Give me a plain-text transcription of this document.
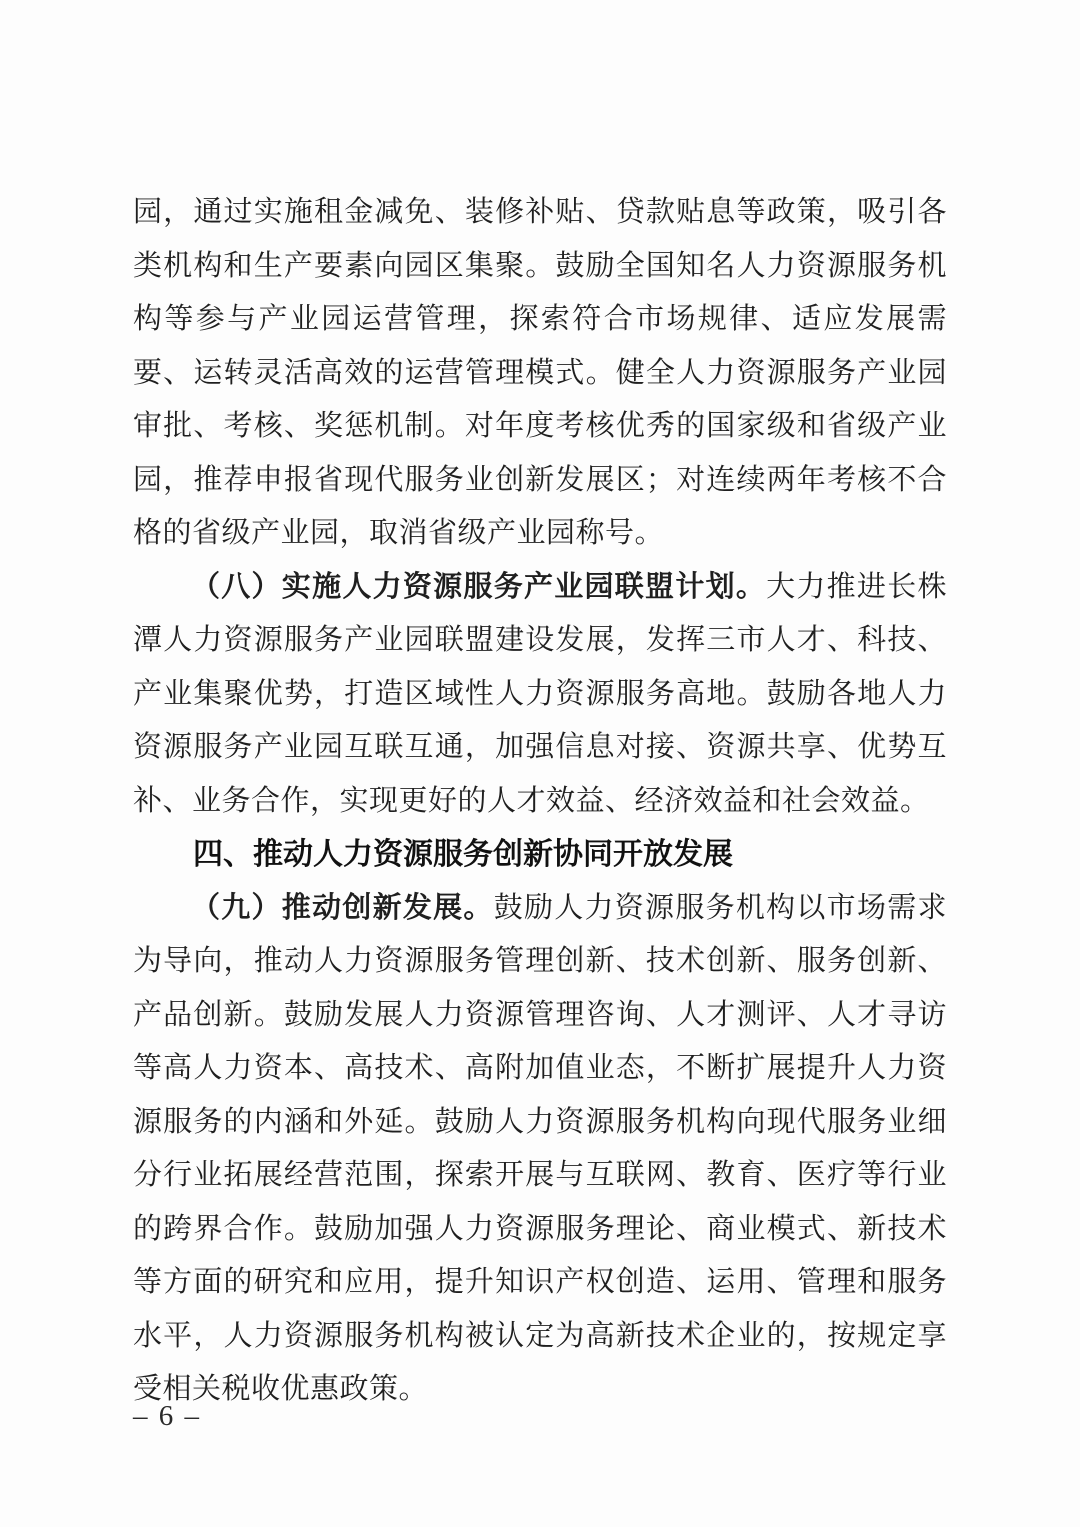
园，通过实施租金减免、装修补贴、贷款贴息等政策，吸引各类机构和生产要素向园区集聚。鼓励全国知名人力资源服务机构等参与产业园运营管理，探索符合市场规律、适应发展需要、运转灵活高效的运营管理模式。健全人力资源服务产业园审批、考核、奖惩机制。对年度考核优秀的国家级和省级产业园，推荐申报省现代服务业创新发展区；对连续两年考核不合格的省级产业园，取消省级产业园称号。

（八）实施人力资源服务产业园联盟计划。大力推进长株潭人力资源服务产业园联盟建设发展，发挥三市人才、科技、产业集聚优势，打造区域性人力资源服务高地。鼓励各地人力资源服务产业园互联互通，加强信息对接、资源共享、优势互补、业务合作，实现更好的人才效益、经济效益和社会效益。

四、推动人力资源服务创新协同开放发展

（九）推动创新发展。鼓励人力资源服务机构以市场需求为导向，推动人力资源服务管理创新、技术创新、服务创新、产品创新。鼓励发展人力资源管理咨询、人才测评、人才寻访等高人力资本、高技术、高附加值业态，不断扩展提升人力资源服务的内涵和外延。鼓励人力资源服务机构向现代服务业细分行业拓展经营范围，探索开展与互联网、教育、医疗等行业的跨界合作。鼓励加强人力资源服务理论、商业模式、新技术等方面的研究和应用，提升知识产权创造、运用、管理和服务水平，人力资源服务机构被认定为高新技术企业的，按规定享受相关税收优惠政策。

– 6 –
